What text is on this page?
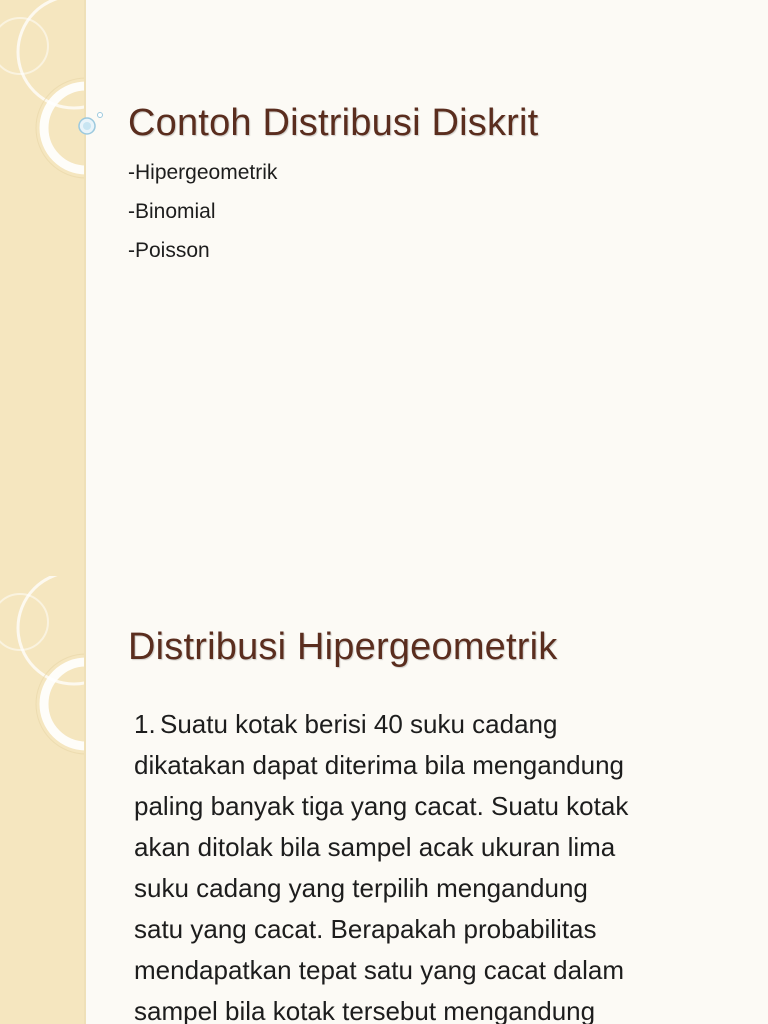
Contoh Distribusi Diskrit
-Hipergeometrik
-Binomial
-Poisson
Distribusi Hipergeometrik

1. Suatu kotak berisi 40 suku cadang
dikatakan dapat diterima bila mengandung
paling banyak tiga yang cacat. Suatu kotak
akan ditolak bila sampel acak ukuran lima
suku cadang yang terpilih mengandung
satu yang cacat. Berapakah probabilitas
mendapatkan tepat satu yang cacat dalam
sampel bila kotak tersebut mengandung
